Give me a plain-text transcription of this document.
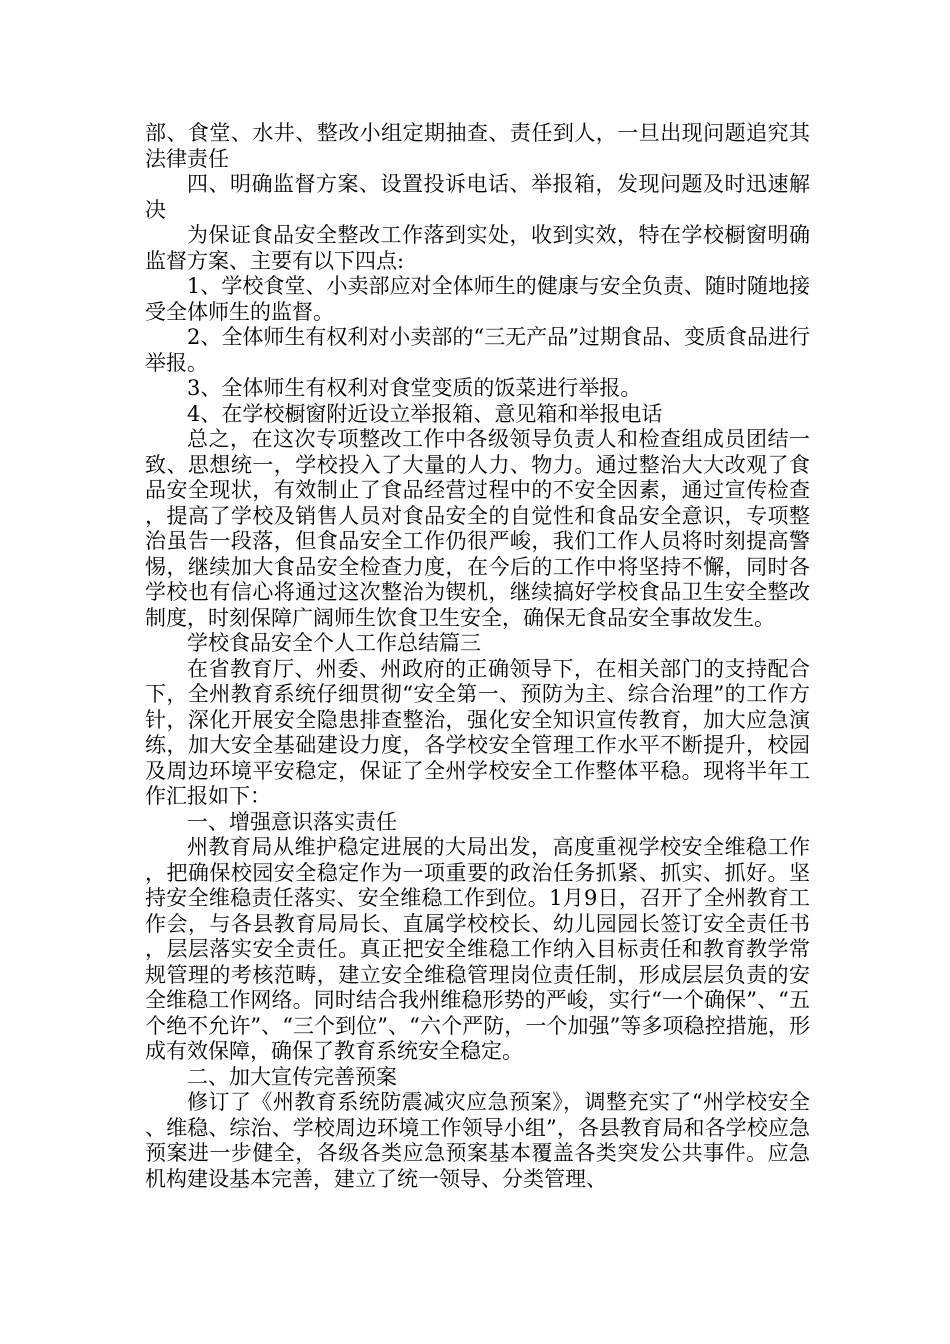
部、食堂、水井、整改小组定期抽查、责任到人，一旦出现问题追究其法律责任

四、明确监督方案、设置投诉电话、举报箱，发现问题及时迅速解决

为保证食品安全整改工作落到实处，收到实效，特在学校橱窗明确监督方案、主要有以下四点:

1、学校食堂、小卖部应对全体师生的健康与安全负责、随时随地接受全体师生的监督。

2、全体师生有权利对小卖部的“三无产品”过期食品、变质食品进行举报。

3、全体师生有权利对食堂变质的饭菜进行举报。

4、在学校橱窗附近设立举报箱、意见箱和举报电话

总之，在这次专项整改工作中各级领导负责人和检查组成员团结一致、思想统一，学校投入了大量的人力、物力。通过整治大大改观了食品安全现状，有效制止了食品经营过程中的不安全因素，通过宣传检查，提高了学校及销售人员对食品安全的自觉性和食品安全意识，专项整治虽告一段落，但食品安全工作仍很严峻，我们工作人员将时刻提高警惕，继续加大食品安全检查力度，在今后的工作中将坚持不懈，同时各学校也有信心将通过这次整治为锲机，继续搞好学校食品卫生安全整改制度，时刻保障广阔师生饮食卫生安全，确保无食品安全事故发生。

学校食品安全个人工作总结篇三

在省教育厅、州委、州政府的正确领导下，在相关部门的支持配合下，全州教育系统仔细贯彻“安全第一、预防为主、综合治理”的工作方针，深化开展安全隐患排查整治，强化安全知识宣传教育，加大应急演练，加大安全基础建设力度，各学校安全管理工作水平不断提升，校园及周边环境平安稳定，保证了全州学校安全工作整体平稳。现将半年工作汇报如下：

一、增强意识落实责任

州教育局从维护稳定进展的大局出发，高度重视学校安全维稳工作，把确保校园安全稳定作为一项重要的政治任务抓紧、抓实、抓好。坚持安全维稳责任落实、安全维稳工作到位。1月9日，召开了全州教育工作会，与各县教育局局长、直属学校校长、幼儿园园长签订安全责任书，层层落实安全责任。真正把安全维稳工作纳入目标责任和教育教学常规管理的考核范畴，建立安全维稳管理岗位责任制，形成层层负责的安全维稳工作网络。同时结合我州维稳形势的严峻，实行“一个确保”、“五个绝不允许”、“三个到位”、“六个严防，一个加强”等多项稳控措施，形成有效保障，确保了教育系统安全稳定。

二、加大宣传完善预案

修订了《州教育系统防震减灾应急预案》，调整充实了“州学校安全、维稳、综治、学校周边环境工作领导小组”，各县教育局和各学校应急预案进一步健全，各级各类应急预案基本覆盖各类突发公共事件。应急机构建设基本完善，建立了统一领导、分类管理、
